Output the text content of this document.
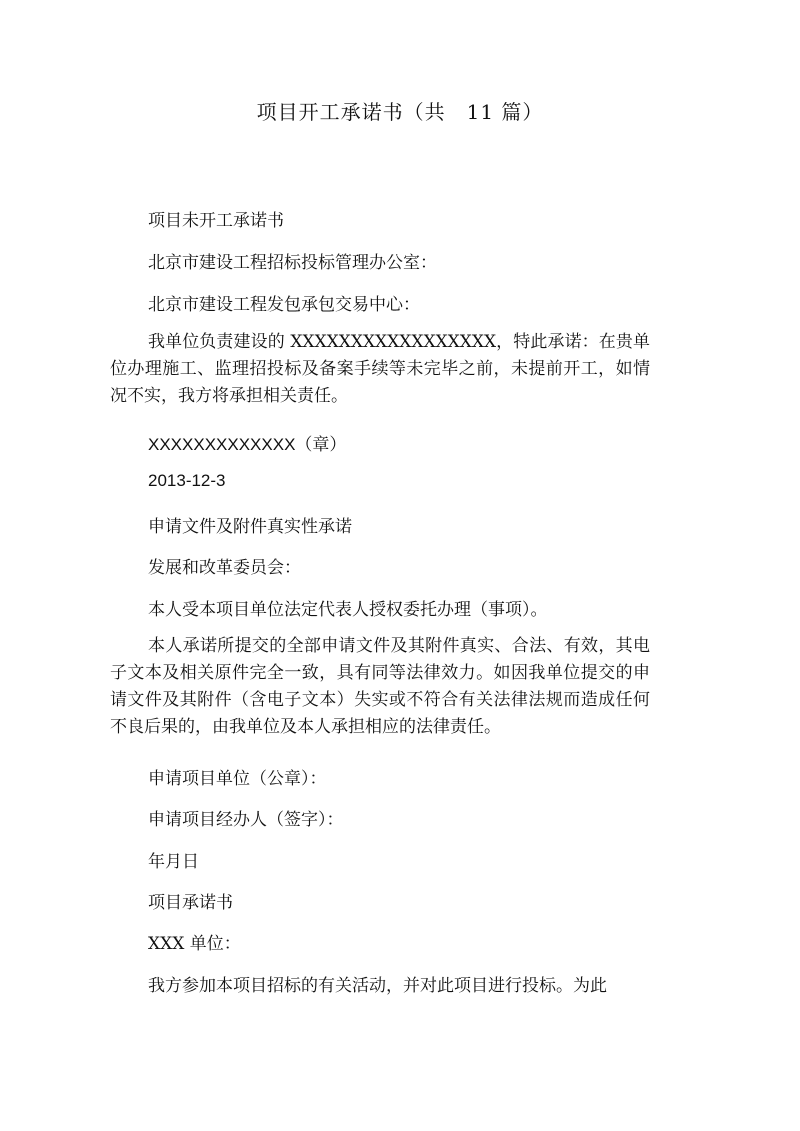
项目开工承诺书（共　11 篇）
项目未开工承诺书
北京市建设工程招标投标管理办公室：
北京市建设工程发包承包交易中心：
我单位负责建设的 XXXXXXXXXXXXXXXXX，特此承诺：在贵单位办理施工、监理招投标及备案手续等未完毕之前，未提前开工，如情况不实，我方将承担相关责任。
XXXXXXXXXXXXX（章）
2013-12-3
申请文件及附件真实性承诺
发展和改革委员会：
本人受本项目单位法定代表人授权委托办理（事项）。
本人承诺所提交的全部申请文件及其附件真实、合法、有效，其电子文本及相关原件完全一致，具有同等法律效力。如因我单位提交的申请文件及其附件（含电子文本）失实或不符合有关法律法规而造成任何不良后果的，由我单位及本人承担相应的法律责任。
申请项目单位（公章）：
申请项目经办人（签字）：
年月日
项目承诺书
XXX 单位：
我方参加本项目招标的有关活动，并对此项目进行投标。为此
